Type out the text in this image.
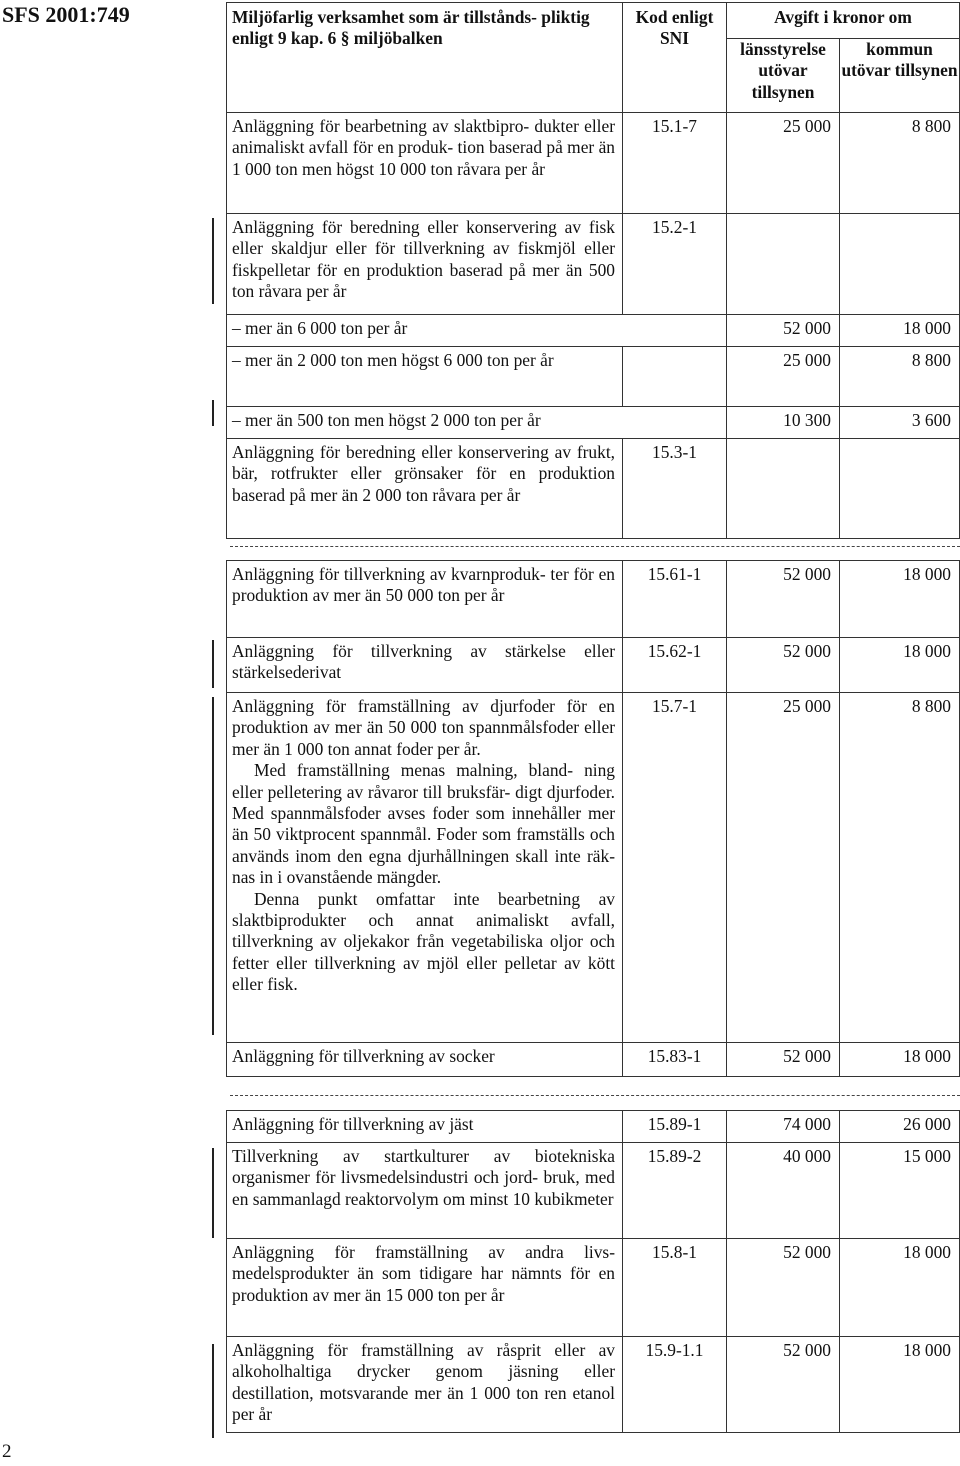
SFS 2001:749	Miljöfarlig verksamhet som är tillstånds- pliktig enligt 9 kap. 6 § miljöbalken	Kod enligt SNI	Avgift i kronor om	
		länsstyrelse utövar tillsynen	kommun utövar tillsynen
Anläggning för bearbetning av slaktbipro- dukter eller animaliskt avfall för en produk- tion baserad på mer än 1 000 ton men högst 10 000 ton råvara per år	15.1-7	25 000	8 800
Anläggning för beredning eller konservering av fisk eller skaldjur eller för tillverkning av fiskmjöl eller fiskpelletar för en produktion baserad på mer än 500 ton råvara per år	15.2-1		
– mer än 6 000 ton per år		52 000	18 000

– mer än 2 000 ton men högst 6 000 ton per år		25 000	8 800
– mer än 500 ton men högst 2 000 ton per år		10 300	3 600
Anläggning för beredning eller konservering av frukt, bär, rotfrukter eller grönsaker för en produktion baserad på mer än 2 000 ton råvara per år	15.3-1		
Anläggning för tillverkning av kvarnproduk- ter för en produktion av mer än 50 000 ton per år	15.61-1	52 000	18 000
Anläggning för tillverkning av stärkelse eller stärkelsederivat	15.62-1	52 000	18 000

Anläggning för framställning av djurfoder för en produktion av mer än 50 000 ton spannmålsfoder eller mer än 1 000 ton annat foder per år.

Med framställning menas malning, bland- ning eller pelletering av råvaror till bruksfär- digt djurfoder. Med spannmålsfoder avses foder som innehåller mer än 50 viktprocent spannmål. Foder som framställs och används inom den egna djurhållningen skall inte räk- nas in i ovanstående mängder.

Denna punkt omfattar inte bearbetning av slaktbiprodukter och annat animaliskt avfall, tillverkning av oljekakor från vegetabiliska oljor och fetter eller tillverkning av mjöl eller pelletar av kött eller fisk.	15.7-1	25 000	8 800
Anläggning för tillverkning av socker	15.83-1	52 000	18 000
Anläggning för tillverkning av jäst	15.89-1	74 000	26 000
Tillverkning av startkulturer av biotekniska organismer för livsmedelsindustri och jord- bruk, med en sammanlagd reaktorvolym om minst 10 kubikmeter	15.89-2	40 000	15 000
Anläggning för framställning av andra livs- medelsprodukter än som tidigare har nämnts för en produktion av mer än 15 000 ton per år	15.8-1	52 000	18 000
Anläggning för framställning av råsprit eller av alkoholhaltiga drycker genom jäsning eller destillation, motsvarande mer än 1 000 ton ren etanol per år	15.9-1.1	52 000	18 000
2
